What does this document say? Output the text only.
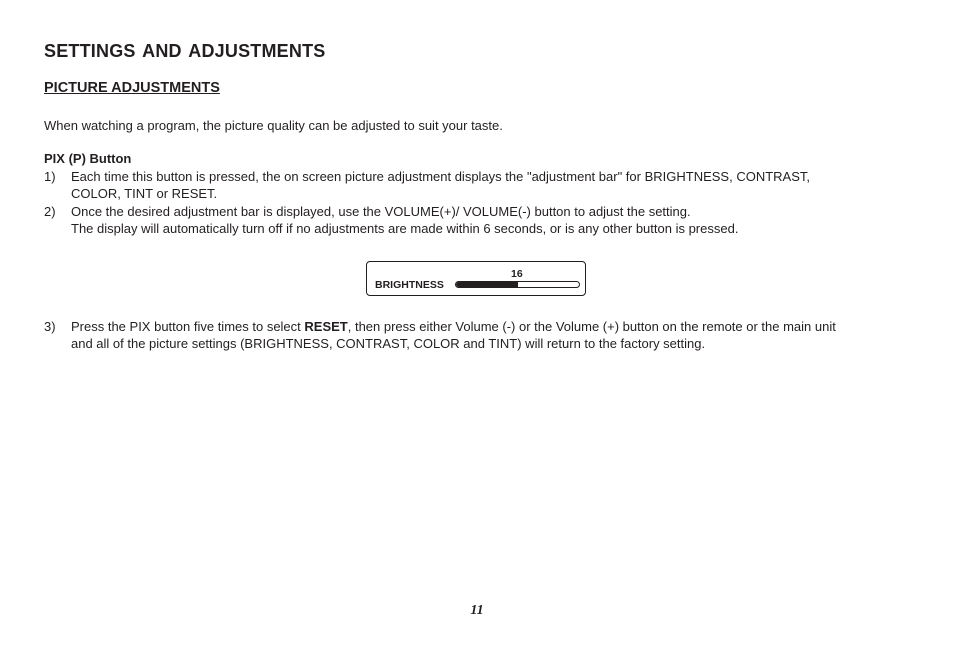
SETTINGS AND ADJUSTMENTS
PICTURE ADJUSTMENTS
When watching a program, the picture quality can be adjusted to suit your taste.
PIX (P) Button
1)	Each time this button is pressed, the on screen picture adjustment displays the "adjustment bar" for BRIGHTNESS, CONTRAST,
COLOR, TINT or RESET.
2)	Once the desired adjustment bar is displayed, use the VOLUME(+)/ VOLUME(-) button to adjust the setting.
The display will automatically turn off if no adjustments are made within 6 seconds, or is any other button is pressed.
BRIGHTNESS
16
3)	Press the PIX button five times to select RESET, then press either Volume (-) or the Volume (+) button on the remote or the main unit
and all of the picture settings (BRIGHTNESS, CONTRAST, COLOR and TINT) will return to the factory setting.
11
